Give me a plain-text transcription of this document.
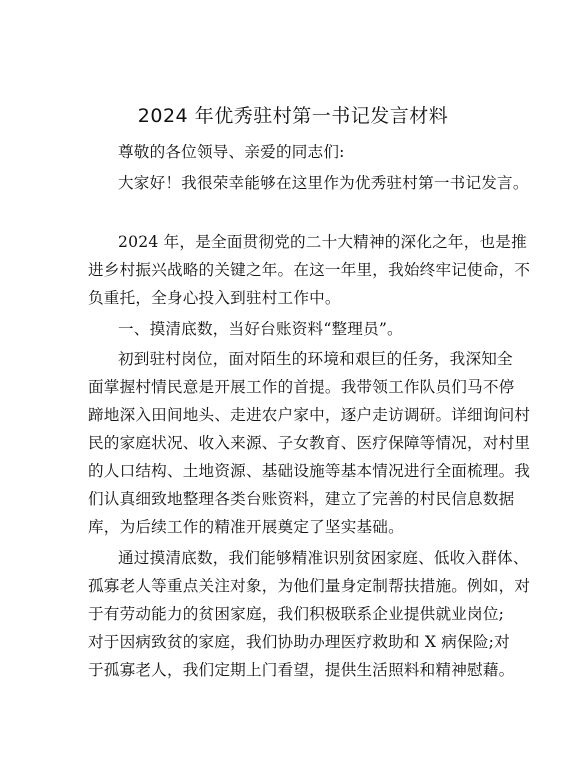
2024 年优秀驻村第一书记发言材料
尊敬的各位领导、亲爱的同志们:
大家好！我很荣幸能够在这里作为优秀驻村第一书记发言。
2024 年，是全面贯彻党的二十大精神的深化之年，也是推
进乡村振兴战略的关键之年。在这一年里，我始终牢记使命，不
负重托，全身心投入到驻村工作中。
一、摸清底数，当好台账资料“整理员”。
初到驻村岗位，面对陌生的环境和艰巨的任务，我深知全
面掌握村情民意是开展工作的首提。我带领工作队员们马不停
蹄地深入田间地头、走进农户家中，逐户走访调研。详细询问村
民的家庭状况、收入来源、子女教育、医疗保障等情况，对村里
的人口结构、土地资源、基础设施等基本情况进行全面梳理。我
们认真细致地整理各类台账资料，建立了完善的村民信息数据
库，为后续工作的精准开展奠定了坚实基础。
通过摸清底数，我们能够精准识别贫困家庭、低收入群体、
孤寡老人等重点关注对象，为他们量身定制帮扶措施。例如，对
于有劳动能力的贫困家庭，我们积极联系企业提供就业岗位;
对于因病致贫的家庭，我们协助办理医疗救助和 X 病保险;对
于孤寡老人，我们定期上门看望，提供生活照料和精神慰藉。
